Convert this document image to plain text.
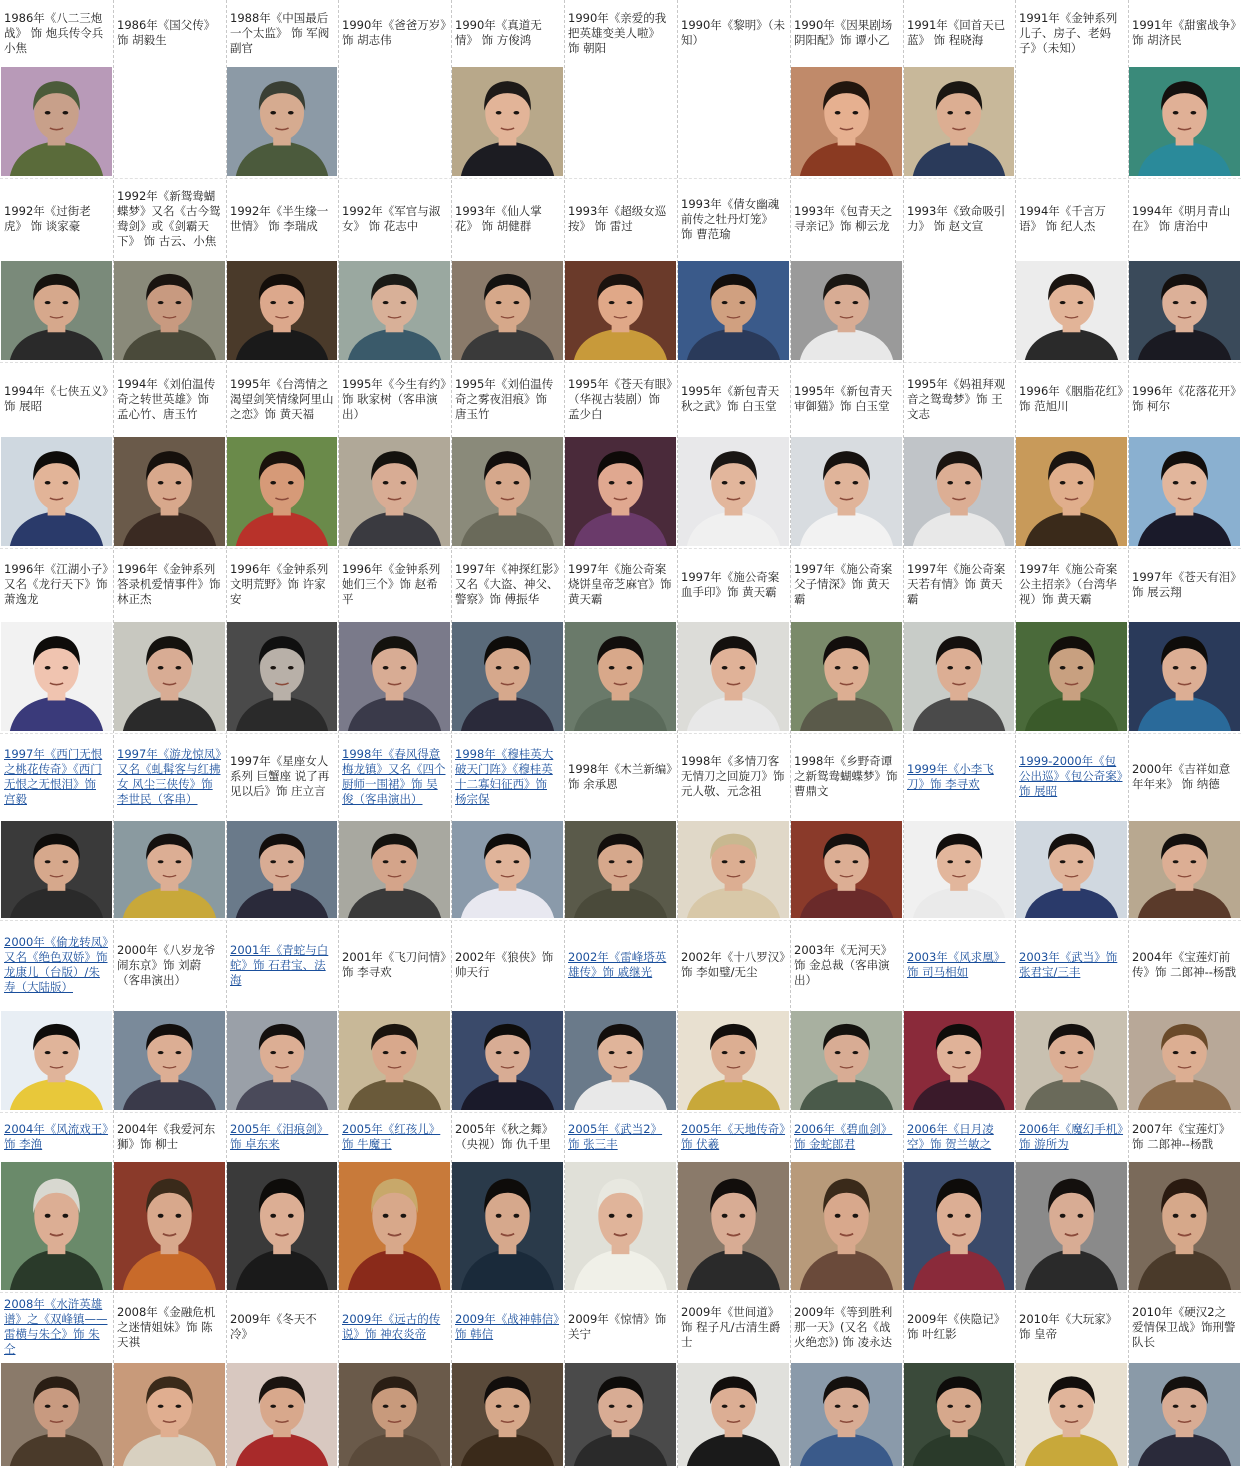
1986年《八二三炮战》 饰 炮兵传令兵小焦
1986年《国父传》饰 胡毅生
1988年《中国最后一个太监》 饰 军阀副官
1990年《爸爸万岁》饰 胡志伟
1990年《真道无情》 饰 方俊鸿
1990年《亲爱的我把英雄变美人啦》 饰 朝阳
1990年《黎明》（未知）
1990年《因果剧场 阴阳配》饰 谭小乙
1991年《回首天已蓝》 饰 程晓海
1991年《金钟系列 儿子、房子、老妈子》（未知）
1991年《甜蜜战争》饰 胡济民
1992年《过街老虎》 饰 谈家豪
1992年《新鸳鸯蝴蝶梦》又名《古今鸳鸯剑》或《剑霸天下》 饰 古云、小焦
1992年《半生缘一世情》 饰 李瑞成
1992年《军官与淑女》 饰 花志中
1993年《仙人掌花》 饰 胡健群
1993年《超级女巡按》 饰 雷过
1993年《倩女幽魂前传之牡丹灯笼》 饰 曹范瑜
1993年《包青天之寻亲记》饰 柳云龙
1993年《致命吸引力》 饰 赵文宣
1994年《千言万语》 饰 纪人杰
1994年《明月青山在》 饰 唐治中
1994年《七侠五义》饰 展昭
1994年《刘伯温传奇之转世英雄》饰 孟心竹、唐玉竹
1995年《台湾情之渴望剑笑情缘阿里山之恋》饰 黄天福
1995年《今生有约》饰 耿家树（客串演出）
1995年《刘伯温传奇之雾夜泪痕》饰 唐玉竹
1995年《苍天有眼》（华视古装剧）饰 孟少白
1995年《新包青天 秋之武》饰 白玉堂
1995年《新包青天 审御猫》饰 白玉堂
1995年《妈祖拜观音之鸳鸯梦》饰 王文志
1996年《胭脂花红》饰 范旭川
1996年《花落花开》饰 柯尔
1996年《江湖小子》又名《龙行天下》饰 萧逸龙
1996年《金钟系列 答录机爱情事件》饰 林正杰
1996年《金钟系列 文明荒野》饰 许家安
1996年《金钟系列 她们三个》饰 赵希平
1997年《神探红影》又名《大盗、神父、警察》饰 傅振华
1997年《施公奇案 烧饼皇帝芝麻官》饰 黄天霸
1997年《施公奇案 血手印》饰 黄天霸
1997年《施公奇案 父子情深》饰 黄天霸
1997年《施公奇案 天若有情》饰 黄天霸
1997年《施公奇案 公主招亲》（台湾华视）饰 黄天霸
1997年《苍天有泪》饰 展云翔
1997年《西门无恨之桃花传奇》《西门无恨之无恨泪》饰 宫毅
1997年《游龙惊凤》又名《虬髯客与红拂女 风尘三侠传》饰 李世民（客串）
1997年《星座女人系列 巨蟹座 说了再见以后》饰 庄立言
1998年《春风得意梅龙镇》又名《四个厨师一围裙》饰 吴俊（客串演出）
1998年《穆桂英大破天门阵》《穆桂英十二寡妇征西》饰 杨宗保
1998年《木兰新编》饰 余承恩
1998年《多情刀客无情刀之回旋刀》饰 元人敬、元念祖
1998年《乡野奇谭之新鸳鸯蝴蝶梦》饰 曹鼎文
1999年《小李飞刀》饰 李寻欢
1999-2000年《包公出巡》《包公奇案》饰 展昭
2000年《吉祥如意年年来》 饰 纳德
2000年《偷龙转凤》又名《绝色双娇》饰龙康儿（台版）/朱寿（大陆版）
2000年《八岁龙爷闹东京》饰 刘蔚（客串演出）
2001年《青蛇与白蛇》饰 石君宝、法海
2001年《飞刀问情》饰 李寻欢
2002年《狼侠》饰 帅天行
2002年《雷峰塔英雄传》饰 戚继光
2002年《十八罗汉》饰 李如璧/无尘
2003年《无河天》饰 金总裁（客串演出）
2003年《风求凰》饰 司马相如
2003年《武当》饰 张君宝/三丰
2004年《宝莲灯前传》饰 二郎神--杨戬
2004年《风流戏王》饰 李渔
2004年《我爱河东狮》饰 柳士
2005年《泪痕剑》饰 卓东来
2005年《红孩儿》饰 牛魔王
2005年《秋之舞》（央视）饰 仇千里
2005年《武当2》饰 张三丰
2005年《天地传奇》饰 伏羲
2006年《碧血剑》饰 金蛇郎君
2006年《日月凌空》饰 贺兰敏之
2006年《魔幻手机》饰 游所为
2007年《宝莲灯》饰 二郎神--杨戬
2008年《水浒英雄谱》之《双峰镇——雷横与朱仝》饰 朱仝
2008年《金融危机之迷情姐妹》饰 陈天祺
2009年《冬天不冷》
2009年《远古的传说》饰 神农炎帝
2009年《战神韩信》饰 韩信
2009年《惊情》饰 关宁
2009年《世间道》饰 程子凡/古清生爵士
2009年《等到胜利那一天》(又名《战火绝恋》) 饰 凌永达
2009年《侠隐记》饰 叶红影
2010年《大玩家》饰 皇帝
2010年《硬汉2之爱情保卫战》饰刑警队长
